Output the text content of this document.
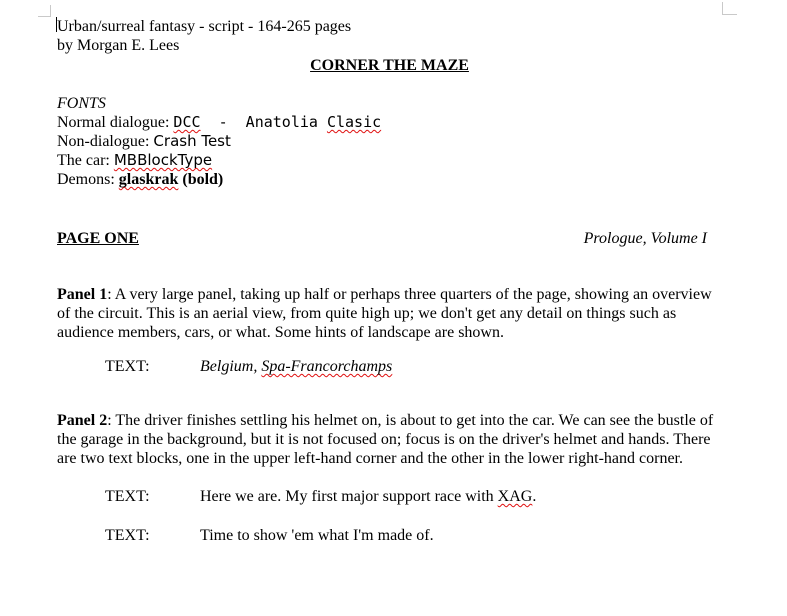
Urban/surreal fantasy - script - 164-265 pages
by Morgan E. Lees
CORNER THE MAZE
FONTS
Normal dialogue: DCC  -  Anatolia Clasic
Non-dialogue: Crash Test
The car: MBBlockType
Demons: glaskrak (bold)
PAGE ONE	Prologue, Volume I
Panel 1: A very large panel, taking up half or perhaps three quarters of the page, showing an overview of the circuit. This is an aerial view, from quite high up; we don't get any detail on things such as audience members, cars, or what. Some hints of landscape are shown.
TEXT:	Belgium, Spa-Francorchamps
Panel 2: The driver finishes settling his helmet on, is about to get into the car. We can see the bustle of the garage in the background, but it is not focused on; focus is on the driver's helmet and hands. There are two text blocks, one in the upper left-hand corner and the other in the lower right-hand corner.
TEXT:	Here we are. My first major support race with XAG.
TEXT:	Time to show 'em what I'm made of.
